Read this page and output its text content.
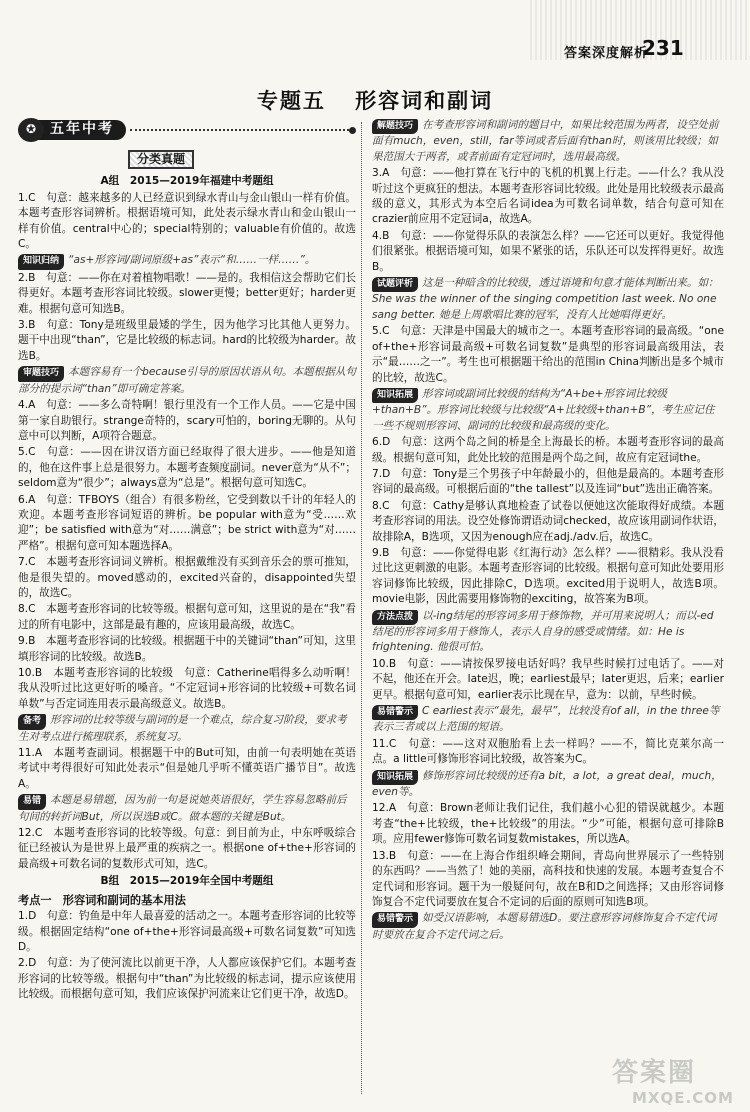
答案深度解析
231
专题五 形容词和副词
✪ 五年中考
分类真题
A组　2015—2019年福建中考题组

1.C　句意：越来越多的人已经意识到绿水青山与金山银山一样有价值。本题考查形容词辨析。根据语境可知，此处表示绿水青山和金山银山一样有价值。central中心的；special特别的；valuable有价值的。故选C。

知识归纳 “as+形容词/副词原级+as”表示“和……一样……”。

2.B　句意：——你在对着植物唱歌！——是的。我相信这会帮助它们长得更好。本题考查形容词比较级。slower更慢；better更好；harder更难。根据句意可知选B。

3.B　句意：Tony是班级里最矮的学生，因为他学习比其他人更努力。题干中出现“than”，它是比较级的标志词。hard的比较级为harder。故选B。

审题技巧 本题容易有一个because引导的原因状语从句。本题根据从句部分的提示词“than”即可确定答案。

4.A　句意：——多么奇特啊！银行里没有一个工作人员。——它是中国第一家自助银行。strange奇特的，scary可怕的，boring无聊的。从句意中可以判断，A项符合题意。

5.C　句意：——因在讲汉语方面已经取得了很大进步。——他是知道的，他在这件事上总是很努力。本题考查频度副词。never意为“从不”；seldom意为“很少”；always意为“总是”。根据句意可知选C。

6.A　句意：TFBOYS（组合）有很多粉丝，它受到数以千计的年轻人的欢迎。本题考查形容词短语的辨析。be popular with意为“受……欢迎”；be satisfied with意为“对……满意”；be strict with意为“对……严格”。根据句意可知本题选择A。

7.C　本题考查形容词词义辨析。根据戴维没有买到音乐会的票可推知，他是很失望的。moved感动的，excited兴奋的，disappointed失望的，故选C。

8.C　本题考查形容词的比较等级。根据句意可知，这里说的是在“我”看过的所有电影中，这部是最有趣的，应该用最高级，故选C。

9.B　本题考查形容词的比较级。根据题干中的关键词“than”可知，这里填形容词的比较级。故选B。

10.B　本题考查形容词的比较级　句意：Catherine唱得多么动听啊！我从没听过比这更好听的嗓音。“不定冠词+形容词的比较级+可数名词单数”与否定词连用表示最高级意义。故选B。

备考 形容词的比较等级与副词的是一个难点，综合复习阶段，要求考生对考点进行梳理联系，系统复习。

11.A　本题考查副词。根据题干中的But可知，由前一句表明她在英语考试中考得很好可知此处表示“但是她几乎听不懂英语广播节目”。故选A。

易错 本题是易错题，因为前一句是说她英语很好，学生容易忽略前后句间的转折词But，所以误选B或C。做本题的关键是But。

12.C　本题考查形容词的比较等级。句意：到目前为止，中东呼吸综合征已经被认为是世界上最严重的疾病之一。根据one of+the+形容词的最高级+可数名词的复数形式可知，选C。

B组　2015—2019年全国中考题组
考点一　形容词和副词的基本用法

1.D　句意：钓鱼是中年人最喜爱的活动之一。本题考查形容词的比较等级。根据固定结构“one of+the+形容词最高级+可数名词复数”可知选D。

2.D　句意：为了使河流比以前更干净，人人都应该保护它们。本题考查形容词的比较等级。根据句中“than”为比较级的标志词，提示应该使用比较级。而根据句意可知，我们应该保护河流来让它们更干净，故选D。

解题技巧 在考查形容词和副词的题目中，如果比较范围为两者，设空处前面有much，even，still，far等词或者后面有than时，则该用比较级；如果范围大于两者，或者前面有定冠词时，选用最高级。

3.A　句意：——他打算在飞行中的飞机的机翼上行走。——什么？我从没听过这个更疯狂的想法。本题考查形容词比较级。此处是用比较级表示最高级的意义，其形式为本空后名词idea为可数名词单数，结合句意可知在crazier前应用不定冠词a，故选A。

4.B　句意：——你觉得乐队的表演怎么样？——它还可以更好。我觉得他们很紧张。根据语境可知，如果不紧张的话，乐队还可以发挥得更好。故选B。

试题评析 这是一种暗含的比较级，透过语境和句意才能体判断出来。如：She was the winner of the singing competition last week. No one sang better. 她是上周歌唱比赛的冠军，没有人比她唱得更好。

5.C　句意：天津是中国最大的城市之一。本题考查形容词的最高级。“one of+the+形容词最高级+可数名词复数”是典型的形容词最高级用法，表示“最……之一”。考生也可根据题干给出的范围in China判断出是多个城市的比较，故选C。

知识拓展 形容词或副词比较级的结构为“A+be+形容词比较级+than+B”。形容词比较级与比较级“A+比较级+than+B”，考生应记住一些不规则形容词、副词的比较级和最高级的变化。

6.D　句意：这两个岛之间的桥是全上海最长的桥。本题考查形容词的最高级。根据句意可知，此处比较的范围是两个岛之间，故应有定冠词the。

7.D　句意：Tony是三个男孩子中年龄最小的，但他是最高的。本题考查形容词的最高级。可根据后面的“the tallest”以及连词“but”选出正确答案。

8.C　句意：Cathy是够认真地检查了试卷以便她这次能取得好成绩。本题考查形容词的用法。设空处修饰谓语动词checked，故应该用副词作状语，故排除A，B选项，又因为enough应在adj./adv.后，故选C。

9.B　句意：——你觉得电影《红海行动》怎么样？——很精彩。我从没看过比这更刺激的电影。本题考查形容词的比较级。根据句意可知此处要用形容词修饰比较级，因此排除C，D选项。excited用于说明人，故选B项。movie电影，因此需要用修饰物的exciting，故答案为B项。

方法点拨 以-ing结尾的形容词多用于修饰物，并可用来说明人；而以-ed结尾的形容词多用于修饰人，表示人自身的感受或情绪。如：He is frightening. 他很可怕。

10.B　句意：——请按保罗接电话好吗？我早些时候打过电话了。——对不起，他还在开会。late迟，晚；earliest最早；later更迟，后来；earlier更早。根据句意可知，earlier表示比现在早，意为：以前，早些时候。

易错警示 C earliest表示“最先，最早”，比较没有of all，in the three等表示三者或以上范围的短语。

11.C　句意：——这对双胞胎看上去一样吗？——不，简比克莱尔高一点。a little可修饰形容词比较级，故答案为C。

知识拓展 修饰形容词比较级的还有a bit，a lot，a great deal，much，even等。

12.A　句意：Brown老师让我们记住，我们越小心犯的错误就越少。本题考查“the+比较级，the+比较级”的用法。“少”可能，根据句意可排除B项。应用fewer修饰可数名词复数mistakes，所以选A。

13.B　句意：——在上海合作组织峰会期间，青岛向世界展示了一些特别的东西吗？——当然了！她的美丽，高科技和快速的发展。本题考查复合不定代词和形容词。题干为一般疑问句，故在B和D之间选择；又由形容词修饰复合不定代词要放在复合不定词的后面的原则可知选B项。

易错警示 如受汉语影响，本题易错选D。要注意形容词修饰复合不定代词时要放在复合不定代词之后。

答案圈
MXQE.COM
